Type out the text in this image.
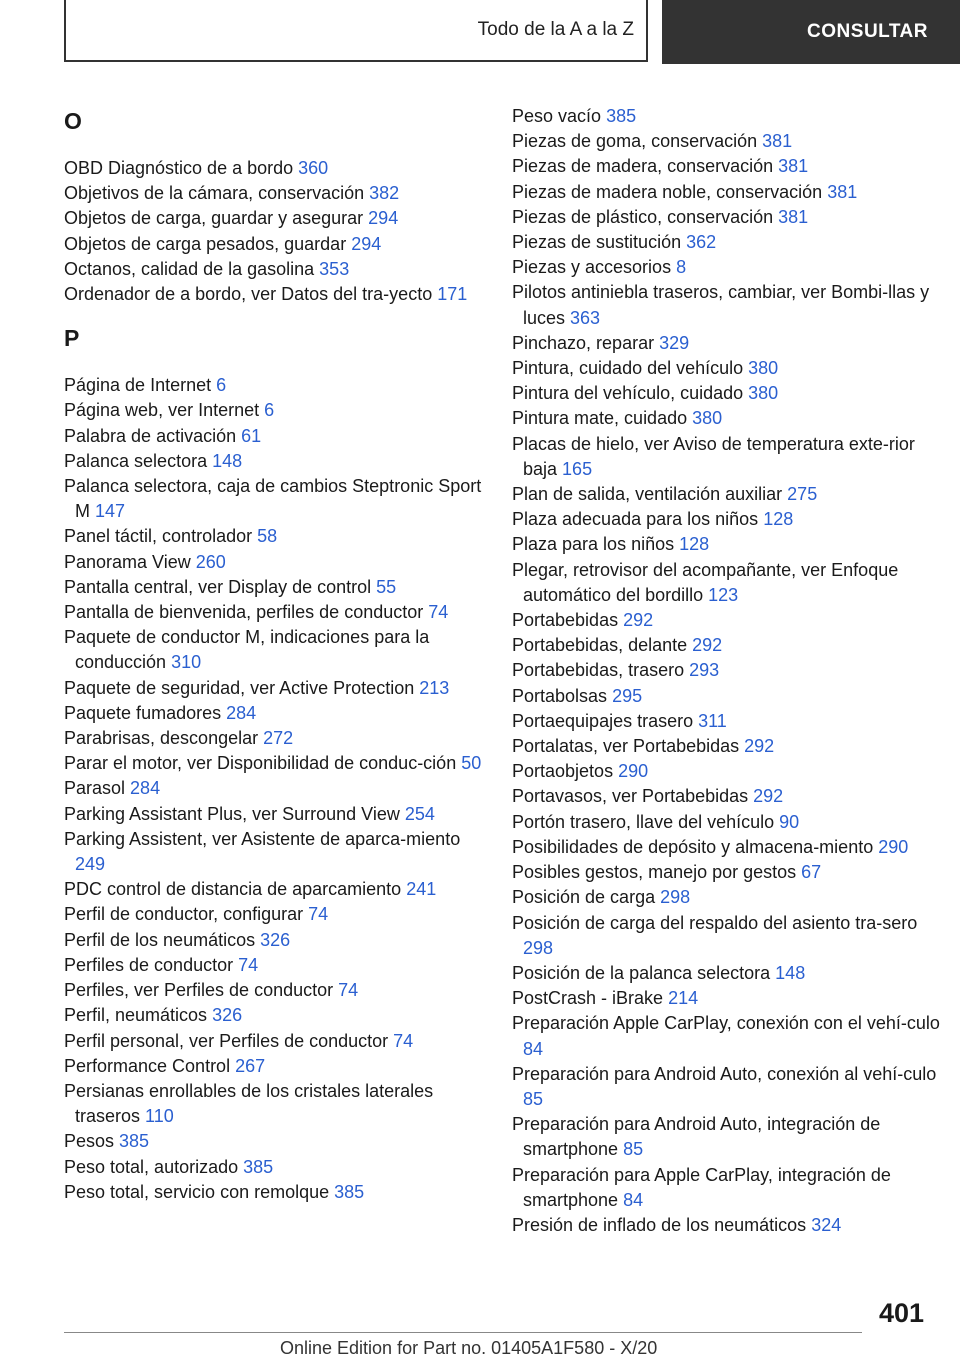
Todo de la A a la Z	CONSULTAR
O
OBD Diagnóstico de a bordo 360
Objetivos de la cámara, conservación 382
Objetos de carga, guardar y asegurar 294
Objetos de carga pesados, guardar 294
Octanos, calidad de la gasolina 353
Ordenador de a bordo, ver Datos del tra-yecto 171
P
Página de Internet 6
Página web, ver Internet 6
Palabra de activación 61
Palanca selectora 148
Palanca selectora, caja de cambios Steptronic Sport M 147
Panel táctil, controlador 58
Panorama View 260
Pantalla central, ver Display de control 55
Pantalla de bienvenida, perfiles de conductor 74
Paquete de conductor M, indicaciones para la conducción 310
Paquete de seguridad, ver Active Protection 213
Paquete fumadores 284
Parabrisas, descongelar 272
Parar el motor, ver Disponibilidad de conduc-ción 50
Parasol 284
Parking Assistant Plus, ver Surround View 254
Parking Assistent, ver Asistente de aparca-miento 249
PDC control de distancia de aparcamiento 241
Perfil de conductor, configurar 74
Perfil de los neumáticos 326
Perfiles de conductor 74
Perfiles, ver Perfiles de conductor 74
Perfil, neumáticos 326
Perfil personal, ver Perfiles de conductor 74
Performance Control 267
Persianas enrollables de los cristales laterales traseros 110
Pesos 385
Peso total, autorizado 385
Peso total, servicio con remolque 385
Peso vacío 385
Piezas de goma, conservación 381
Piezas de madera, conservación 381
Piezas de madera noble, conservación 381
Piezas de plástico, conservación 381
Piezas de sustitución 362
Piezas y accesorios 8
Pilotos antiniebla traseros, cambiar, ver Bombi-llas y luces 363
Pinchazo, reparar 329
Pintura, cuidado del vehículo 380
Pintura del vehículo, cuidado 380
Pintura mate, cuidado 380
Placas de hielo, ver Aviso de temperatura exte-rior baja 165
Plan de salida, ventilación auxiliar 275
Plaza adecuada para los niños 128
Plaza para los niños 128
Plegar, retrovisor del acompañante, ver Enfoque automático del bordillo 123
Portabebidas 292
Portabebidas, delante 292
Portabebidas, trasero 293
Portabolsas 295
Portaequipajes trasero 311
Portalatas, ver Portabebidas 292
Portaobjetos 290
Portavasos, ver Portabebidas 292
Portón trasero, llave del vehículo 90
Posibilidades de depósito y almacena-miento 290
Posibles gestos, manejo por gestos 67
Posición de carga 298
Posición de carga del respaldo del asiento tra-sero 298
Posición de la palanca selectora 148
PostCrash - iBrake 214
Preparación Apple CarPlay, conexión con el vehí-culo 84
Preparación para Android Auto, conexión al vehí-culo 85
Preparación para Android Auto, integración de smartphone 85
Preparación para Apple CarPlay, integración de smartphone 84
Presión de inflado de los neumáticos 324
401
Online Edition for Part no. 01405A1F580 - X/20
